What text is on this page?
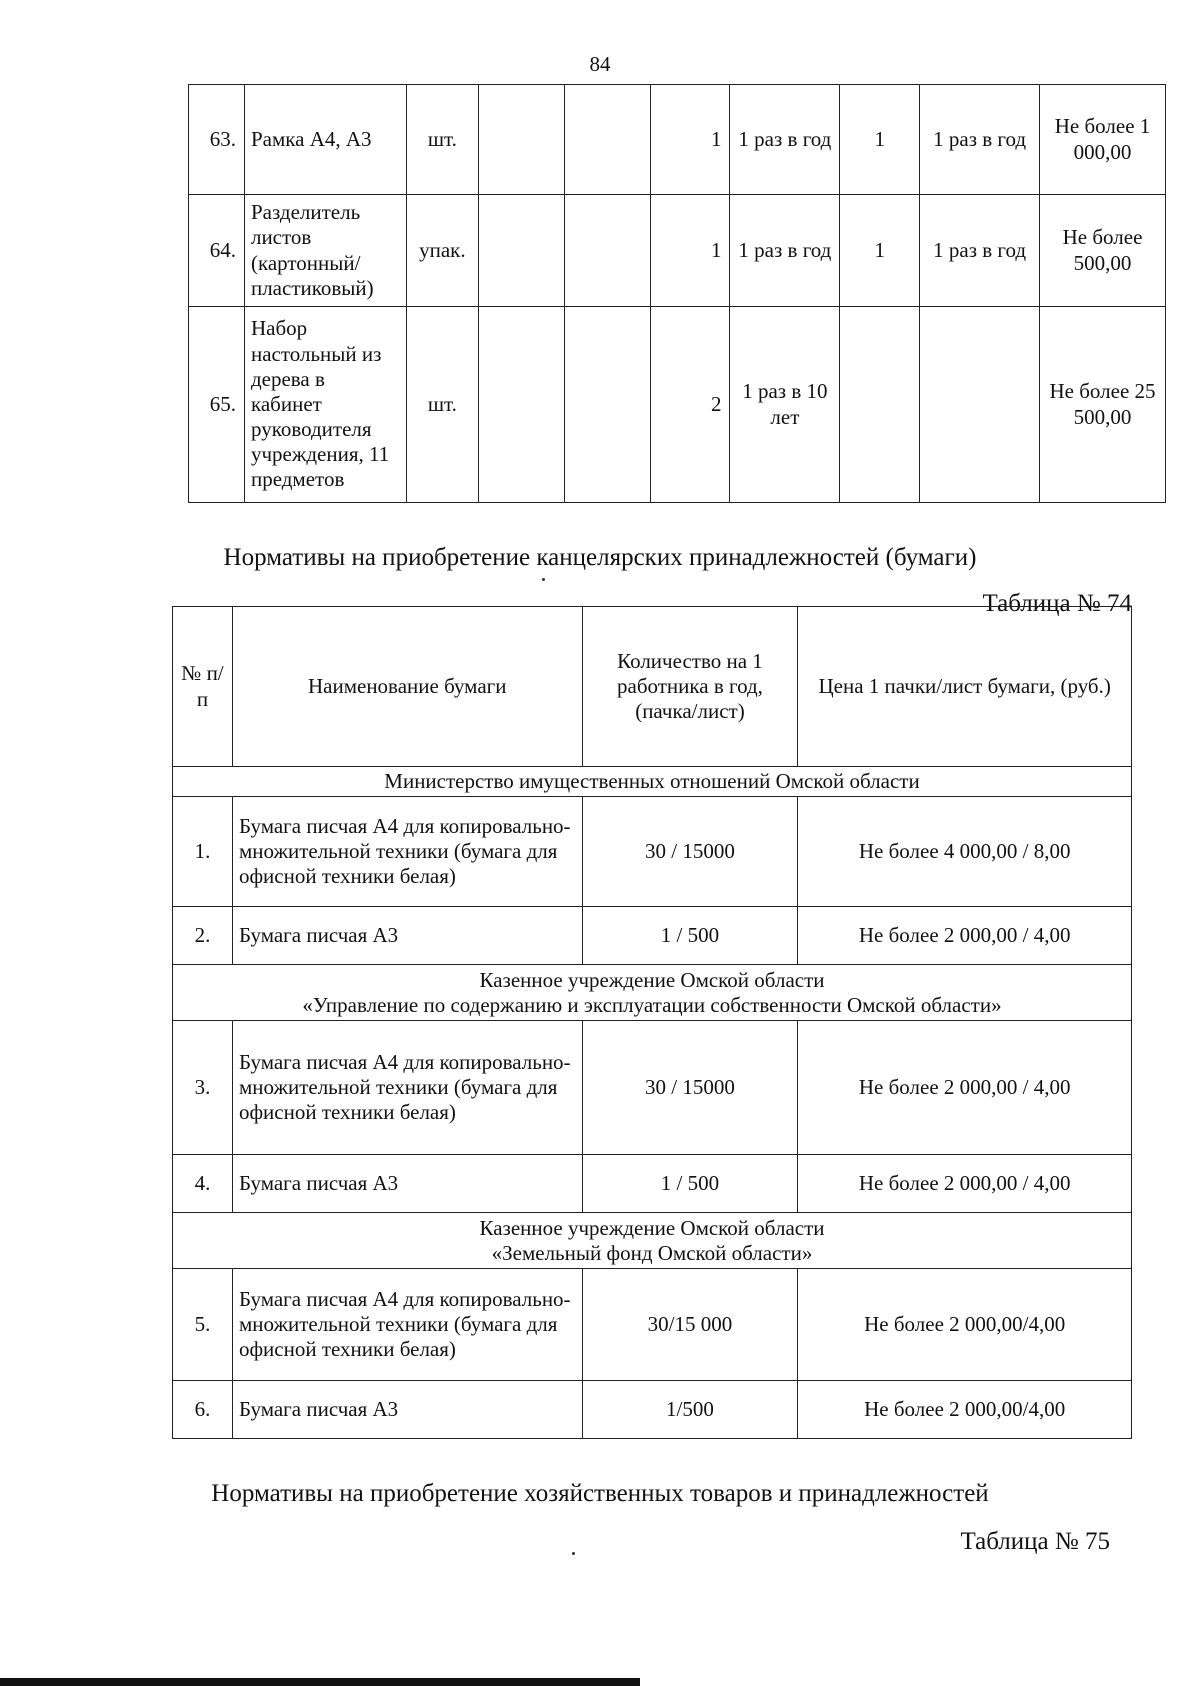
84
63.	Рамка А4, А3	шт.			1	1 раз в год	1	1 раз в год	Не более 1 000,00
64.	Разделитель листов (картонный/ пластиковый)	упак.			1	1 раз в год	1	1 раз в год	Не более 500,00
65.	Набор настольный из дерева в кабинет руководителя учреждения, 11 предметов	шт.			2	1 раз в 10 лет			Не более 25 500,00
Нормативы на приобретение канцелярских принадлежностей (бумаги)
Таблица № 74
№ п/п	Наименование бумаги	Количество на 1 работника в год, (пачка/лист)	Цена 1 пачки/лист бумаги, (руб.)

Министерство имущественных отношений Омской области			

1.	Бумага писчая А4 для копировально-множительной техники (бумага для офисной техники белая)	30 / 15000	Не более 4 000,00 / 8,00
2.	Бумага писчая А3	1 / 500	Не более 2 000,00 / 4,00

Казенное учреждение Омской области
«Управление по содержанию и эксплуатации собственности Омской области»			

3.	Бумага писчая А4 для копировально-множительной техники (бумага для офисной техники белая)	30 / 15000	Не более 2 000,00 / 4,00
4.	Бумага писчая А3	1 / 500	Не более 2 000,00 / 4,00

Казенное учреждение Омской области
«Земельный фонд Омской области»			

5.	Бумага писчая А4 для копировально-множительной техники (бумага для офисной техники белая)	30/15 000	Не более 2 000,00/4,00
6.	Бумага писчая А3	1/500	Не более 2 000,00/4,00
Нормативы на приобретение хозяйственных товаров и принадлежностей
Таблица № 75
